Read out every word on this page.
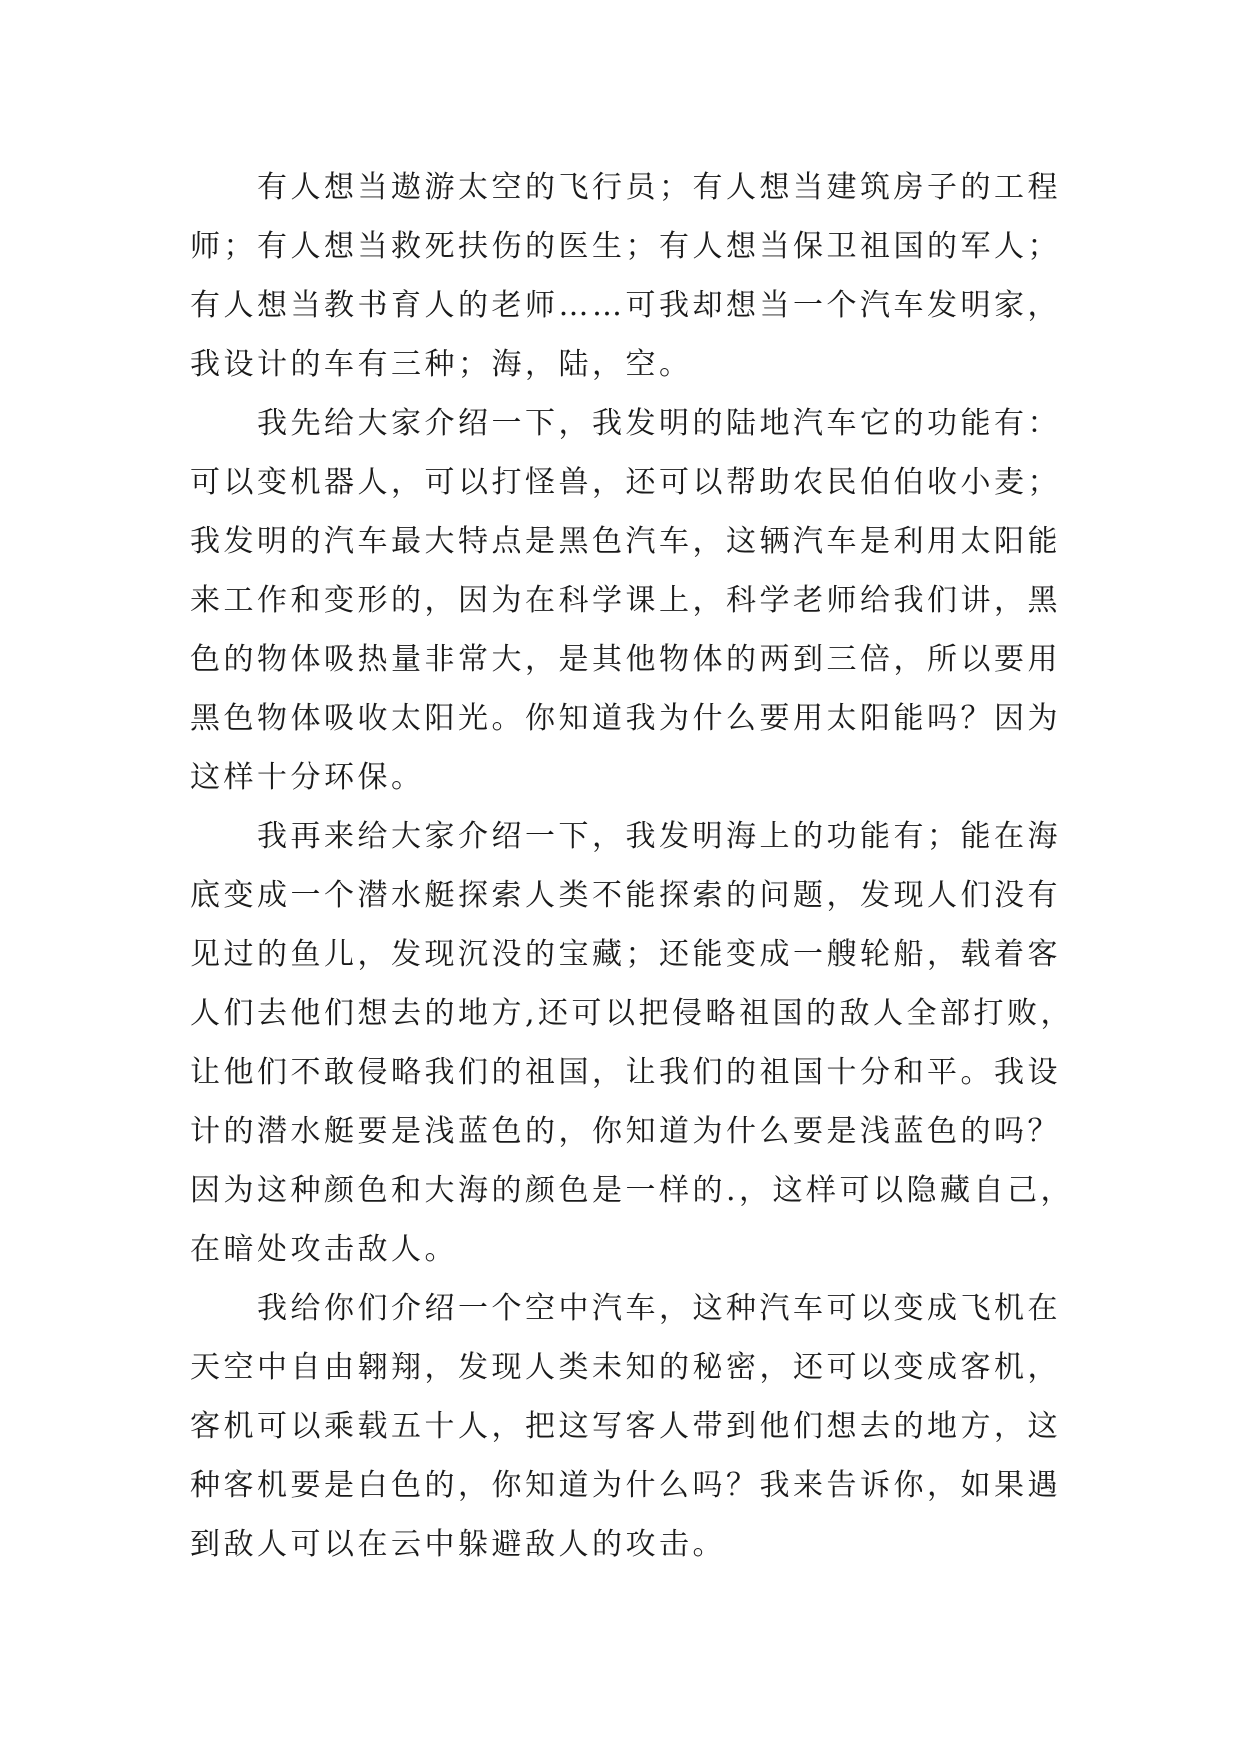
　　有人想当遨游太空的飞行员；有人想当建筑房子的工程
师；有人想当救死扶伤的医生；有人想当保卫祖国的军人；
有人想当教书育人的老师……可我却想当一个汽车发明家，
我设计的车有三种；海，陆，空。
　　我先给大家介绍一下，我发明的陆地汽车它的功能有：
可以变机器人，可以打怪兽，还可以帮助农民伯伯收小麦；
我发明的汽车最大特点是黑色汽车，这辆汽车是利用太阳能
来工作和变形的，因为在科学课上，科学老师给我们讲，黑
色的物体吸热量非常大，是其他物体的两到三倍，所以要用
黑色物体吸收太阳光。你知道我为什么要用太阳能吗？因为
这样十分环保。
　　我再来给大家介绍一下，我发明海上的功能有；能在海
底变成一个潜水艇探索人类不能探索的问题，发现人们没有
见过的鱼儿，发现沉没的宝藏；还能变成一艘轮船，载着客
人们去他们想去的地方,还可以把侵略祖国的敌人全部打败，
让他们不敢侵略我们的祖国，让我们的祖国十分和平。我设
计的潜水艇要是浅蓝色的，你知道为什么要是浅蓝色的吗？
因为这种颜色和大海的颜色是一样的.，这样可以隐藏自己，
在暗处攻击敌人。
　　我给你们介绍一个空中汽车，这种汽车可以变成飞机在
天空中自由翱翔，发现人类未知的秘密，还可以变成客机，
客机可以乘载五十人，把这写客人带到他们想去的地方，这
种客机要是白色的，你知道为什么吗？我来告诉你，如果遇
到敌人可以在云中躲避敌人的攻击。
